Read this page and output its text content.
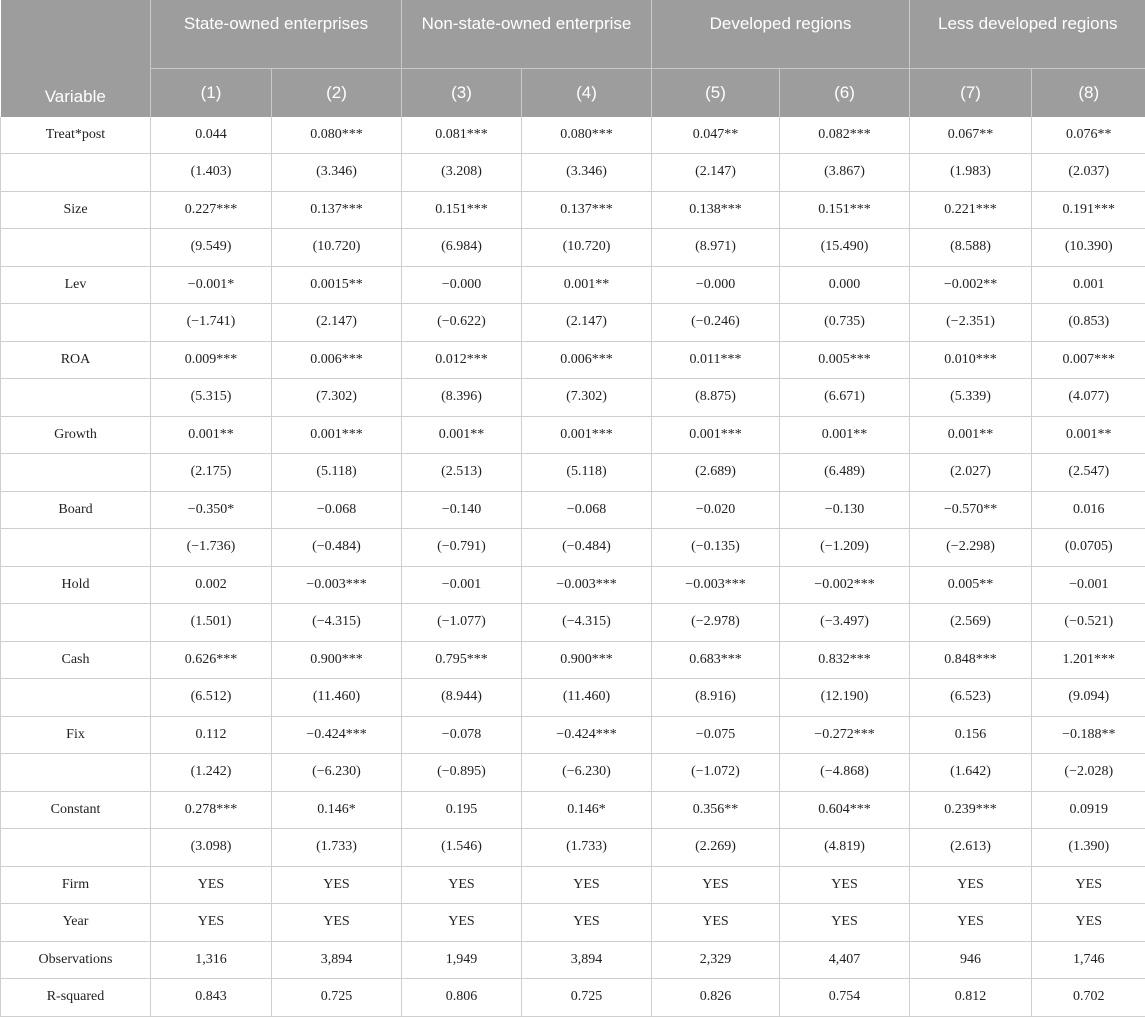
Variable	State-owned enterprises		Non-state-owned enterprise		Developed regions		Less developed regions	
	(1)	(2)	(3)	(4)	(5)	(6)	(7)	(8)
Treat*post	0.044	0.080***	0.081***	0.080***	0.047**	0.082***	0.067**	0.076**
	(1.403)	(3.346)	(3.208)	(3.346)	(2.147)	(3.867)	(1.983)	(2.037)
Size	0.227***	0.137***	0.151***	0.137***	0.138***	0.151***	0.221***	0.191***
	(9.549)	(10.720)	(6.984)	(10.720)	(8.971)	(15.490)	(8.588)	(10.390)
Lev	−0.001*	0.0015**	−0.000	0.001**	−0.000	0.000	−0.002**	0.001
	(−1.741)	(2.147)	(−0.622)	(2.147)	(−0.246)	(0.735)	(−2.351)	(0.853)
ROA	0.009***	0.006***	0.012***	0.006***	0.011***	0.005***	0.010***	0.007***
	(5.315)	(7.302)	(8.396)	(7.302)	(8.875)	(6.671)	(5.339)	(4.077)
Growth	0.001**	0.001***	0.001**	0.001***	0.001***	0.001**	0.001**	0.001**
	(2.175)	(5.118)	(2.513)	(5.118)	(2.689)	(6.489)	(2.027)	(2.547)
Board	−0.350*	−0.068	−0.140	−0.068	−0.020	−0.130	−0.570**	0.016
	(−1.736)	(−0.484)	(−0.791)	(−0.484)	(−0.135)	(−1.209)	(−2.298)	(0.0705)
Hold	0.002	−0.003***	−0.001	−0.003***	−0.003***	−0.002***	0.005**	−0.001
	(1.501)	(−4.315)	(−1.077)	(−4.315)	(−2.978)	(−3.497)	(2.569)	(−0.521)
Cash	0.626***	0.900***	0.795***	0.900***	0.683***	0.832***	0.848***	1.201***
	(6.512)	(11.460)	(8.944)	(11.460)	(8.916)	(12.190)	(6.523)	(9.094)
Fix	0.112	−0.424***	−0.078	−0.424***	−0.075	−0.272***	0.156	−0.188**
	(1.242)	(−6.230)	(−0.895)	(−6.230)	(−1.072)	(−4.868)	(1.642)	(−2.028)
Constant	0.278***	0.146*	0.195	0.146*	0.356**	0.604***	0.239***	0.0919
	(3.098)	(1.733)	(1.546)	(1.733)	(2.269)	(4.819)	(2.613)	(1.390)
Firm	YES	YES	YES	YES	YES	YES	YES	YES
Year	YES	YES	YES	YES	YES	YES	YES	YES
Observations	1,316	3,894	1,949	3,894	2,329	4,407	946	1,746
R-squared	0.843	0.725	0.806	0.725	0.826	0.754	0.812	0.702
